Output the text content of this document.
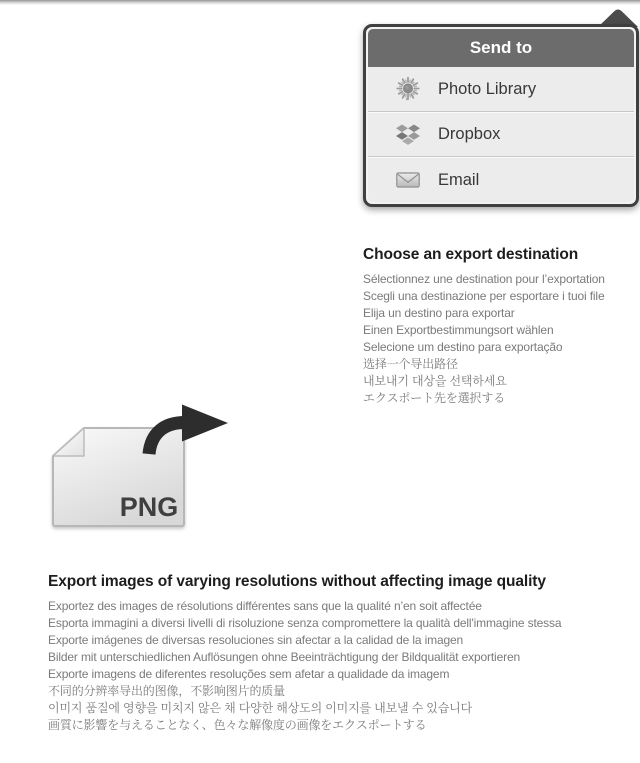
Send to
Photo Library
Dropbox
Email
Choose an export destination
Sélectionnez une destination pour l’exportation
Scegli una destinazione per esportare i tuoi file
Elija un destino para exportar
Einen Exportbestimmungsort wählen
Selecione um destino para exportação
选择一个导出路径
내보내기 대상을 선택하세요
エクスポート先を選択する
PNG
Export images of varying resolutions without affecting image quality
Exportez des images de résolutions différentes sans que la qualité n’en soit affectée
Esporta immagini a diversi livelli di risoluzione senza compromettere la qualità dell'immagine stessa
Exporte imágenes de diversas resoluciones sin afectar a la calidad de la imagen
Bilder mit unterschiedlichen Auflösungen ohne Beeinträchtigung der Bildqualität exportieren
Exporte imagens de diferentes resoluções sem afetar a qualidade da imagem
不同的分辨率导出的图像，不影响图片的质量
이미지 품질에 영향을 미치지 않은 채 다양한 해상도의 이미지를 내보낼 수 있습니다
画質に影響を与えることなく、色々な解像度の画像をエクスポートする
